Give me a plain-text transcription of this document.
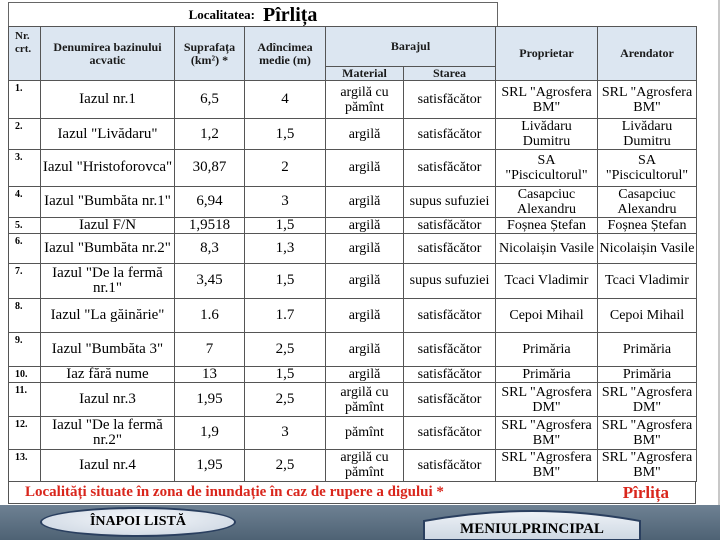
Localitatea: Pîrlița
Nr.
crt.	Denumirea bazinului acvatic	Suprafața (km²) *	Adîncimea medie (m)	Barajul		Proprietar	Arendator
				Material	Starea		
1.	Iazul nr.1	6,5	4	argilă cu pămînt	satisfăcător	SRL "Agrosfera BM"	SRL "Agrosfera BM"
2.	Iazul "Livădaru"	1,2	1,5	argilă	satisfăcător	Livădaru Dumitru	Livădaru Dumitru
3.	Iazul "Hristoforovca"	30,87	2	argilă	satisfăcător	SA "Piscicultorul"	SA "Piscicultorul"
4.	Iazul "Bumbăta nr.1"	6,94	3	argilă	supus sufuziei	Casapciuc Alexandru	Casapciuc Alexandru
5.	Iazul F/N	1,9518	1,5	argilă	satisfăcător	Foșnea Ștefan	Foșnea Ștefan
6.	Iazul "Bumbăta nr.2"	8,3	1,3	argilă	satisfăcător	Nicolaișin Vasile	Nicolaișin Vasile
7.	Iazul "De la fermă nr.1"	3,45	1,5	argilă	supus sufuziei	Tcaci Vladimir	Tcaci Vladimir
8.	Iazul "La găinărie"	1.6	1.7	argilă	satisfăcător	Cepoi Mihail	Cepoi Mihail
9.	Iazul "Bumbăta 3"	7	2,5	argilă	satisfăcător	Primăria	Primăria
10.	Iaz fără nume	13	1,5	argilă	satisfăcător	Primăria	Primăria
11.	Iazul nr.3	1,95	2,5	argilă cu pămînt	satisfăcător	SRL "Agrosfera DM"	SRL "Agrosfera DM"
12.	Iazul "De la fermă nr.2"	1,9	3	pămînt	satisfăcător	SRL "Agrosfera BM"	SRL "Agrosfera BM"
13.	Iazul nr.4	1,95	2,5	argilă cu pămînt	satisfăcător	SRL "Agrosfera BM"	SRL "Agrosfera BM"
Localități situate în zona de inundație în caz de rupere a digului *	Pîrlița
ÎNAPOI LISTĂ	MENIULPRINCIPAL
